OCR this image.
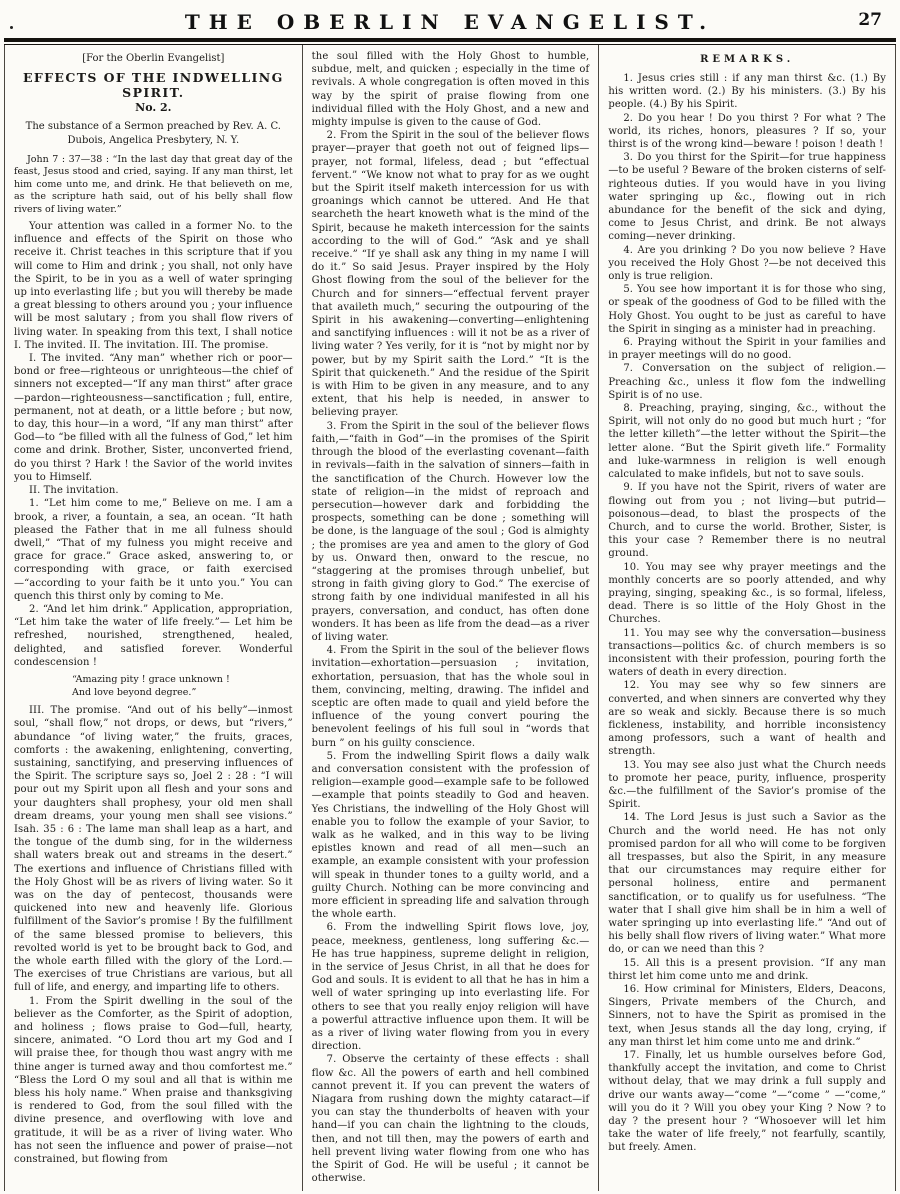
THE OBERLIN EVANGELIST.	27

[For the Oberlin Evangelist]

EFFECTS OF THE INDWELLING SPIRIT.

No. 2.

The substance of a Sermon preached by Rev. A. C. Dubois, Angelica Presbytery, N. Y.

John 7 : 37—38 : “In the last day that great day of the feast, Jesus stood and cried, saying. If any man thirst, let him come unto me, and drink. He that believeth on me, as the scripture hath said, out of his belly shall flow rivers of living water.”

Your attention was called in a former No. to the influence and effects of the Spirit on those who receive it. Christ teaches in this scripture that if you will come to Him and drink ; you shall, not only have the Spirit, to be in you as a well of water springing up into everlasting life ; but you will thereby be made a great blessing to others around you ; your influence will be most salutary ; from you shall flow rivers of living water. In speaking from this text, I shall notice I. The invited. II. The invitation. III. The promise.

I. The invited. “Any man” whether rich or poor—bond or free—righteous or unrighteous—the chief of sinners not excepted—“If any man thirst” after grace—pardon—righteousness—sanctification ; full, entire, permanent, not at death, or a little before ; but now, to day, this hour—in a word, “If any man thirst” after God—to “be filled with all the fulness of God,” let him come and drink. Brother, Sister, unconverted friend, do you thirst ? Hark ! the Savior of the world invites you to Himself.

II. The invitation.

1. “Let him come to me,” Believe on me. I am a brook, a river, a fountain, a sea, an ocean. “It hath pleased the Father that in me all fulness should dwell,” “That of my fulness you might receive and grace for grace.” Grace asked, answering to, or corresponding with grace, or faith exercised—“according to your faith be it unto you.” You can quench this thirst only by coming to Me.

2. “And let him drink.” Application, appropriation, “Let him take the water of life freely.”— Let him be refreshed, nourished, strengthened, healed, delighted, and satisfied forever. Wonderful condescension !

“Amazing pity ! grace unknown !
And love beyond degree.”

III. The promise. “And out of his belly”—inmost soul, “shall flow,” not drops, or dews, but “rivers,” abundance “of living water,” the fruits, graces, comforts : the awakening, enlightening, converting, sustaining, sanctifying, and preserving influences of the Spirit. The scripture says so, Joel 2 : 28 : “I will pour out my Spirit upon all flesh and your sons and your daughters shall prophesy, your old men shall dream dreams, your young men shall see visions.” Isah. 35 : 6 : The lame man shall leap as a hart, and the tongue of the dumb sing, for in the wilderness shall waters break out and streams in the desert.” The exertions and influence of Christians filled with the Holy Ghost will be as rivers of living water. So it was on the day of pentecost, thousands were quickened into new and heavenly life. Glorious fulfillment of the Savior’s promise ! By the fulfillment of the same blessed promise to believers, this revolted world is yet to be brought back to God, and the whole earth filled with the glory of the Lord.— The exercises of true Christians are various, but all full of life, and energy, and imparting life to others.

1. From the Spirit dwelling in the soul of the believer as the Comforter, as the Spirit of adoption, and holiness ; flows praise to God—full, hearty, sincere, animated. “O Lord thou art my God and I will praise thee, for though thou wast angry with me thine anger is turned away and thou comfortest me.” “Bless the Lord O my soul and all that is within me bless his holy name.” When praise and thanksgiving is rendered to God, from the soul filled with the divine presence, and overflowing with love and gratitude, it will be as a river of living water. Who has not seen the influence and power of praise—not constrained, but flowing from

the soul filled with the Holy Ghost to humble, subdue, melt, and quicken ; especially in the time of revivals. A whole congregation is often moved in this way by the spirit of praise flowing from one individual filled with the Holy Ghost, and a new and mighty impulse is given to the cause of God.

2. From the Spirit in the soul of the believer flows prayer—prayer that goeth not out of feigned lips—prayer, not formal, lifeless, dead ; but “effectual fervent.” “We know not what to pray for as we ought but the Spirit itself maketh intercession for us with groanings which cannot be uttered. And He that searcheth the heart knoweth what is the mind of the Spirit, because he maketh intercession for the saints according to the will of God.” “Ask and ye shall receive.” “If ye shall ask any thing in my name I will do it.” So said Jesus. Prayer inspired by the Holy Ghost flowing from the soul of the believer for the Church and for sinners—“effectual fervent prayer that availeth much,” securing the outpouring of the Spirit in his awakening—converting—enlightening and sanctifying influences : will it not be as a river of living water ? Yes verily, for it is “not by might nor by power, but by my Spirit saith the Lord.” “It is the Spirit that quickeneth.” And the residue of the Spirit is with Him to be given in any measure, and to any extent, that his help is needed, in answer to believing prayer.

3. From the Spirit in the soul of the believer flows faith,—“faith in God”—in the promises of the Spirit through the blood of the everlasting covenant—faith in revivals—faith in the salvation of sinners—faith in the sanctification of the Church. However low the state of religion—in the midst of reproach and persecution—however dark and forbidding the prospects, something can be done ; something will be done, is the language of the soul ; God is almighty ; the promises are yea and amen to the glory of God by us. Onward then, onward to the rescue, no “staggering at the promises through unbelief, but strong in faith giving glory to God.” The exercise of strong faith by one individual manifested in all his prayers, conversation, and conduct, has often done wonders. It has been as life from the dead—as a river of living water.

4. From the Spirit in the soul of the believer flows invitation—exhortation—persuasion ; invitation, exhortation, persuasion, that has the whole soul in them, convincing, melting, drawing. The infidel and sceptic are often made to quail and yield before the influence of the young convert pouring the benevolent feelings of his full soul in “words that burn ” on his guilty conscience.

5. From the indwelling Spirit flows a daily walk and conversation consistent with the profession of religion—example good—example safe to be followed—example that points steadily to God and heaven. Yes Christians, the indwelling of the Holy Ghost will enable you to follow the example of your Savior, to walk as he walked, and in this way to be living epistles known and read of all men—such an example, an example consistent with your profession will speak in thunder tones to a guilty world, and a guilty Church. Nothing can be more convincing and more efficient in spreading life and salvation through the whole earth.

6. From the indwelling Spirit flows love, joy, peace, meekness, gentleness, long suffering &c.— He has true happiness, supreme delight in religion, in the service of Jesus Christ, in all that he does for God and souls. It is evident to all that he has in him a well of water springing up into everlasting life. For others to see that you really enjoy religion will have a powerful attractive influence upon them. It will be as a river of living water flowing from you in every direction.

7. Observe the certainty of these effects : shall flow &c. All the powers of earth and hell combined cannot prevent it. If you can prevent the waters of Niagara from rushing down the mighty cataract—if you can stay the thunderbolts of heaven with your hand—if you can chain the lightning to the clouds, then, and not till then, may the powers of earth and hell prevent living water flowing from one who has the Spirit of God. He will be useful ; it cannot be otherwise.

REMARKS.

1. Jesus cries still : if any man thirst &c. (1.) By his written word. (2.) By his ministers. (3.) By his people. (4.) By his Spirit.

2. Do you hear ! Do you thirst ? For what ? The world, its riches, honors, pleasures ? If so, your thirst is of the wrong kind—beware ! poison ! death !

3. Do you thirst for the Spirit—for true happiness—to be useful ? Beware of the broken cisterns of self-righteous duties. If you would have in you living water springing up &c., flowing out in rich abundance for the benefit of the sick and dying, come to Jesus Christ, and drink. Be not always coming—never drinking.

4. Are you drinking ? Do you now believe ? Have you received the Holy Ghost ?—be not deceived this only is true religion.

5. You see how important it is for those who sing, or speak of the goodness of God to be filled with the Holy Ghost. You ought to be just as careful to have the Spirit in singing as a minister had in preaching.

6. Praying without the Spirit in your families and in prayer meetings will do no good.

7. Conversation on the subject of religion.— Preaching &c., unless it flow fom the indwelling Spirit is of no use.

8. Preaching, praying, singing, &c., without the Spirit, will not only do no good but much hurt ; “for the letter killeth”—the letter without the Spirit—the letter alone. “But the Spirit giveth life.” Formality and luke-warmness in religion is well enough calculated to make infidels, but not to save souls.

9. If you have not the Spirit, rivers of water are flowing out from you ; not living—but putrid—poisonous—dead, to blast the prospects of the Church, and to curse the world. Brother, Sister, is this your case ? Remember there is no neutral ground.

10. You may see why prayer meetings and the monthly concerts are so poorly attended, and why praying, singing, speaking &c., is so formal, lifeless, dead. There is so little of the Holy Ghost in the Churches.

11. You may see why the conversation—business transactions—politics &c. of church members is so inconsistent with their profession, pouring forth the waters of death in every direction.

12. You may see why so few sinners are converted, and when sinners are converted why they are so weak and sickly. Because there is so much fickleness, instability, and horrible inconsistency among professors, such a want of health and strength.

13. You may see also just what the Church needs to promote her peace, purity, influence, prosperity &c.—the fulfillment of the Savior’s promise of the Spirit.

14. The Lord Jesus is just such a Savior as the Church and the world need. He has not only promised pardon for all who will come to be forgiven all trespasses, but also the Spirit, in any measure that our circumstances may require either for personal holiness, entire and permanent sanctification, or to qualify us for usefulness. “The water that I shall give him shall be in him a well of water springing up into everlasting life.” “And out of his belly shall flow rivers of living water.” What more do, or can we need than this ?

15. All this is a present provision. “If any man thirst let him come unto me and drink.

16. How criminal for Ministers, Elders, Deacons, Singers, Private members of the Church, and Sinners, not to have the Spirit as promised in the text, when Jesus stands all the day long, crying, if any man thirst let him come unto me and drink.”

17. Finally, let us humble ourselves before God, thankfully accept the invitation, and come to Christ without delay, that we may drink a full supply and drive our wants away—“come ”—“come ” —“come,” will you do it ? Will you obey your King ? Now ? to day ? the present hour ? “Whosoever will let him take the water of life freely,” not fearfully, scantily, but freely. Amen.
